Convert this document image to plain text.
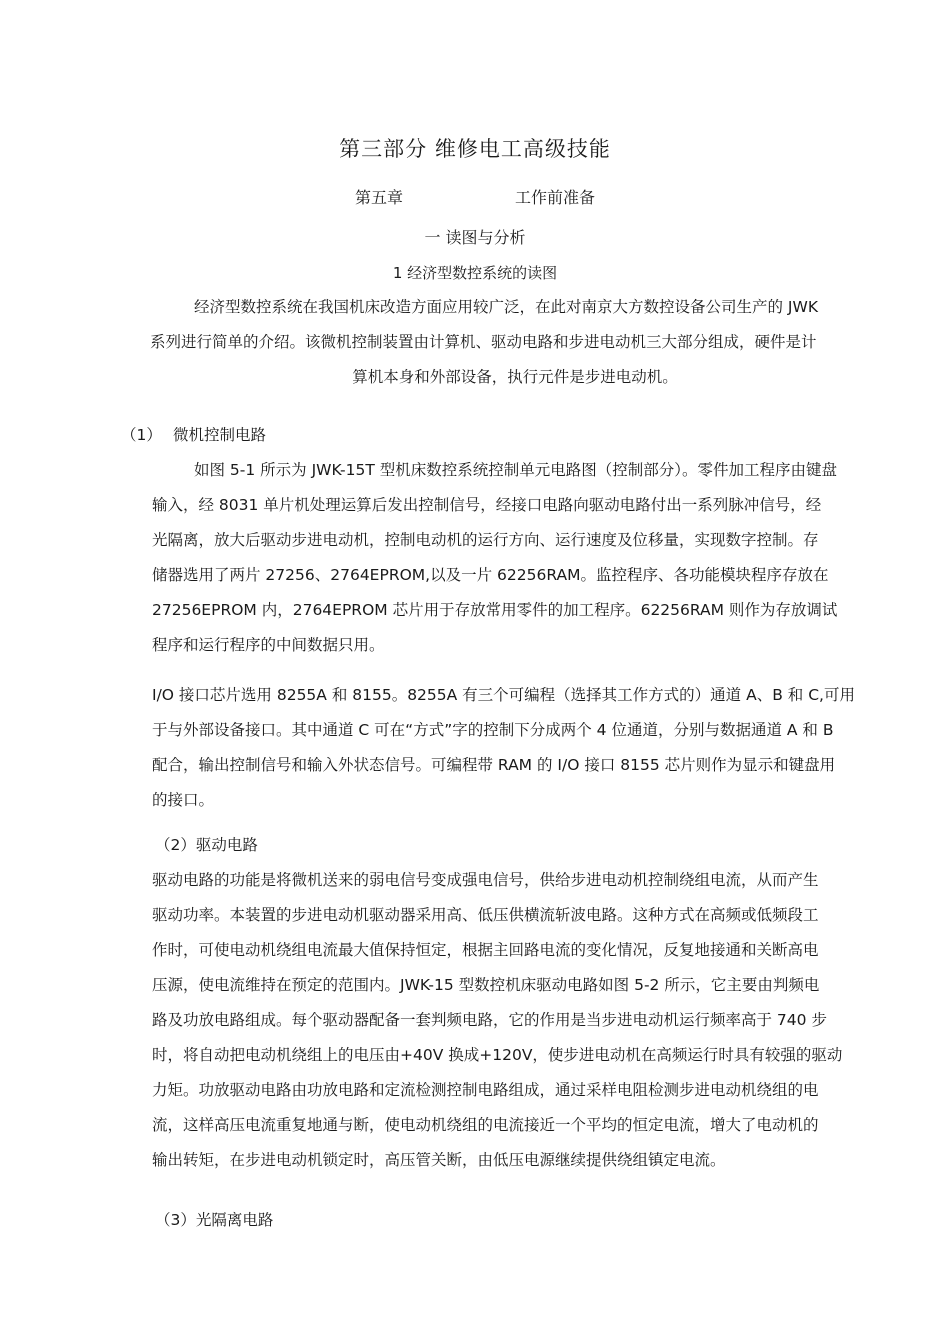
第三部分 维修电工高级技能
第五章	工作前准备
一 读图与分析
1 经济型数控系统的读图
经济型数控系统在我国机床改造方面应用较广泛，在此对南京大方数控设备公司生产的 JWK
系列进行简单的介绍。该微机控制装置由计算机、驱动电路和步进电动机三大部分组成，硬件是计
算机本身和外部设备，执行元件是步进电动机。
（1） 微机控制电路
如图 5-1 所示为 JWK-15T 型机床数控系统控制单元电路图（控制部分）。零件加工程序由键盘
输入，经 8031 单片机处理运算后发出控制信号，经接口电路向驱动电路付出一系列脉冲信号，经
光隔离，放大后驱动步进电动机，控制电动机的运行方向、运行速度及位移量，实现数字控制。存
储器选用了两片 27256、2764EPROM,以及一片 62256RAM。监控程序、各功能模块程序存放在
27256EPROM 内，2764EPROM 芯片用于存放常用零件的加工程序。62256RAM 则作为存放调试
程序和运行程序的中间数据只用。
I/O 接口芯片选用 8255A 和 8155。8255A 有三个可编程（选择其工作方式的）通道 A、B 和 C,可用
于与外部设备接口。其中通道 C 可在“方式”字的控制下分成两个 4 位通道，分别与数据通道 A 和 B
配合，输出控制信号和输入外状态信号。可编程带 RAM 的 I/O 接口 8155 芯片则作为显示和键盘用
的接口。
（2）驱动电路
驱动电路的功能是将微机送来的弱电信号变成强电信号，供给步进电动机控制绕组电流，从而产生
驱动功率。本装置的步进电动机驱动器采用高、低压供横流斩波电路。这种方式在高频或低频段工
作时，可使电动机绕组电流最大值保持恒定，根据主回路电流的变化情况，反复地接通和关断高电
压源，使电流维持在预定的范围内。JWK-15 型数控机床驱动电路如图 5-2 所示，它主要由判频电
路及功放电路组成。每个驱动器配备一套判频电路，它的作用是当步进电动机运行频率高于 740 步
时，将自动把电动机绕组上的电压由+40V 换成+120V，使步进电动机在高频运行时具有较强的驱动
力矩。功放驱动电路由功放电路和定流检测控制电路组成，通过采样电阻检测步进电动机绕组的电
流，这样高压电流重复地通与断，使电动机绕组的电流接近一个平均的恒定电流，增大了电动机的
输出转矩，在步进电动机锁定时，高压管关断，由低压电源继续提供绕组镇定电流。
（3）光隔离电路
